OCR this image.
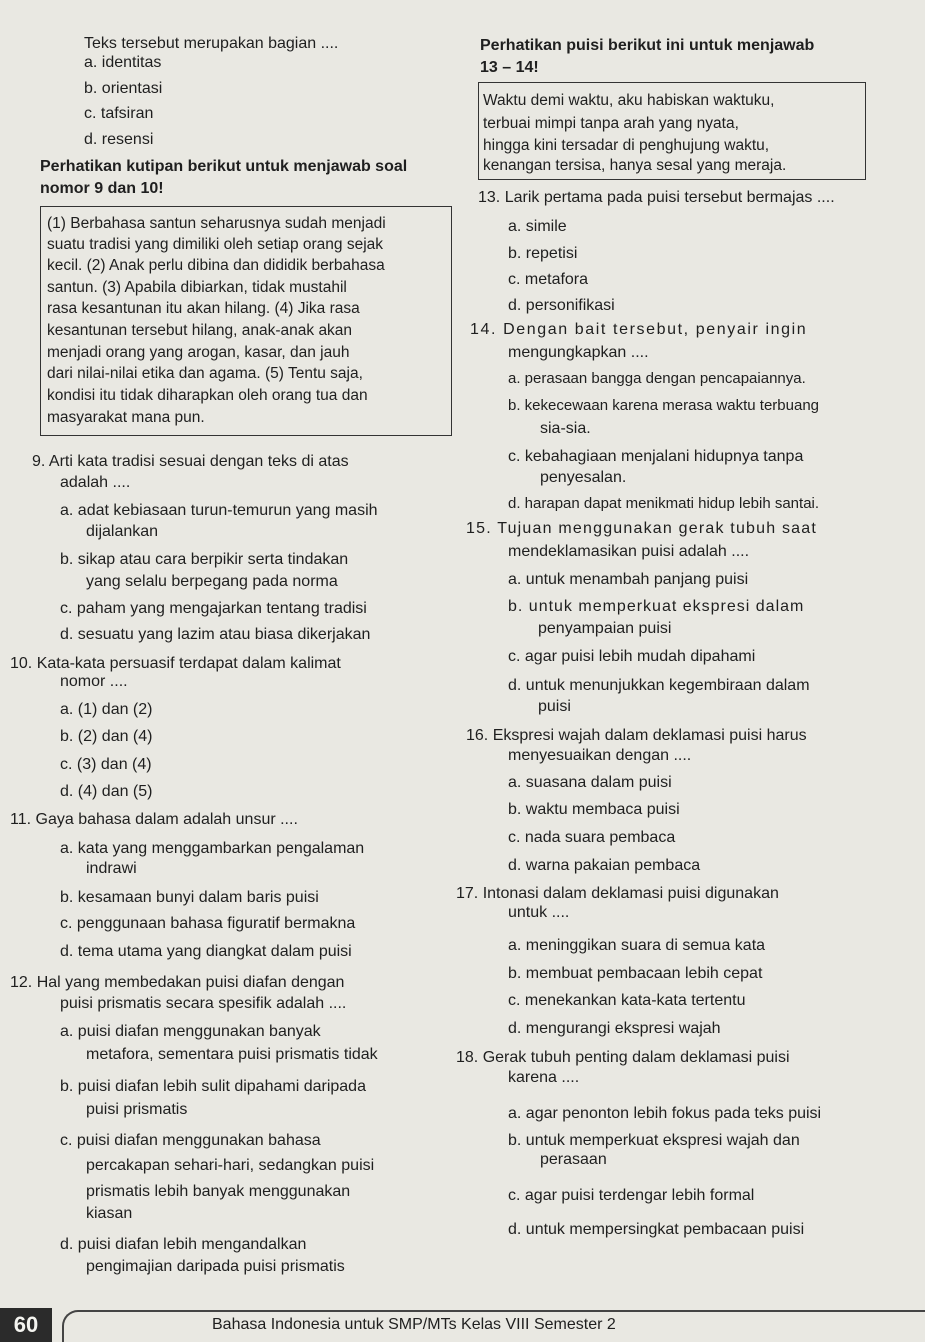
Teks tersebut merupakan bagian ....
a. identitas
b. orientasi
c. tafsiran
d. resensi
Perhatikan kutipan berikut untuk menjawab soal
nomor 9 dan 10!
(1) Berbahasa santun seharusnya sudah menjadi
suatu tradisi yang dimiliki oleh setiap orang sejak
kecil. (2) Anak perlu dibina dan dididik berbahasa
santun. (3) Apabila dibiarkan, tidak mustahil
rasa kesantunan itu akan hilang. (4) Jika rasa
kesantunan tersebut hilang, anak-anak akan
menjadi orang yang arogan, kasar, dan jauh
dari nilai-nilai etika dan agama. (5) Tentu saja,
kondisi itu tidak diharapkan oleh orang tua dan
masyarakat mana pun.
9. Arti kata tradisi sesuai dengan teks di atas
adalah ....
a. adat kebiasaan turun-temurun yang masih
dijalankan
b. sikap atau cara berpikir serta tindakan
yang selalu berpegang pada norma
c. paham yang mengajarkan tentang tradisi
d. sesuatu yang lazim atau biasa dikerjakan
10. Kata-kata persuasif terdapat dalam kalimat
nomor ....
a. (1) dan (2)
b. (2) dan (4)
c. (3) dan (4)
d. (4) dan (5)
11. Gaya bahasa dalam adalah unsur ....
a. kata yang menggambarkan pengalaman
indrawi
b. kesamaan bunyi dalam baris puisi
c. penggunaan bahasa figuratif bermakna
d. tema utama yang diangkat dalam puisi
12. Hal yang membedakan puisi diafan dengan
puisi prismatis secara spesifik adalah ....
a. puisi diafan menggunakan banyak
metafora, sementara puisi prismatis tidak
b. puisi diafan lebih sulit dipahami daripada
puisi prismatis
c. puisi diafan menggunakan bahasa
percakapan sehari-hari, sedangkan puisi
prismatis lebih banyak menggunakan
kiasan
d. puisi diafan lebih mengandalkan
pengimajian daripada puisi prismatis
Perhatikan puisi berikut ini untuk menjawab
13 – 14!
Waktu demi waktu, aku habiskan waktuku,
terbuai mimpi tanpa arah yang nyata,
hingga kini tersadar di penghujung waktu,
kenangan tersisa, hanya sesal yang meraja.
13. Larik pertama pada puisi tersebut bermajas ....
a. simile
b. repetisi
c. metafora
d. personifikasi
14. Dengan bait tersebut, penyair ingin
mengungkapkan ....
a. perasaan bangga dengan pencapaiannya.
b. kekecewaan karena merasa waktu terbuang
sia-sia.
c. kebahagiaan menjalani hidupnya tanpa
penyesalan.
d. harapan dapat menikmati hidup lebih santai.
15. Tujuan menggunakan gerak tubuh saat
mendeklamasikan puisi adalah ....
a. untuk menambah panjang puisi
b. untuk memperkuat ekspresi dalam
penyampaian puisi
c. agar puisi lebih mudah dipahami
d. untuk menunjukkan kegembiraan dalam
puisi
16. Ekspresi wajah dalam deklamasi puisi harus
menyesuaikan dengan ....
a. suasana dalam puisi
b. waktu membaca puisi
c. nada suara pembaca
d. warna pakaian pembaca
17. Intonasi dalam deklamasi puisi digunakan
untuk ....
a. meninggikan suara di semua kata
b. membuat pembacaan lebih cepat
c. menekankan kata-kata tertentu
d. mengurangi ekspresi wajah
18. Gerak tubuh penting dalam deklamasi puisi
karena ....
a. agar penonton lebih fokus pada teks puisi
b. untuk memperkuat ekspresi wajah dan
perasaan
c. agar puisi terdengar lebih formal
d. untuk mempersingkat pembacaan puisi
60	Bahasa Indonesia untuk SMP/MTs Kelas VIII Semester 2
